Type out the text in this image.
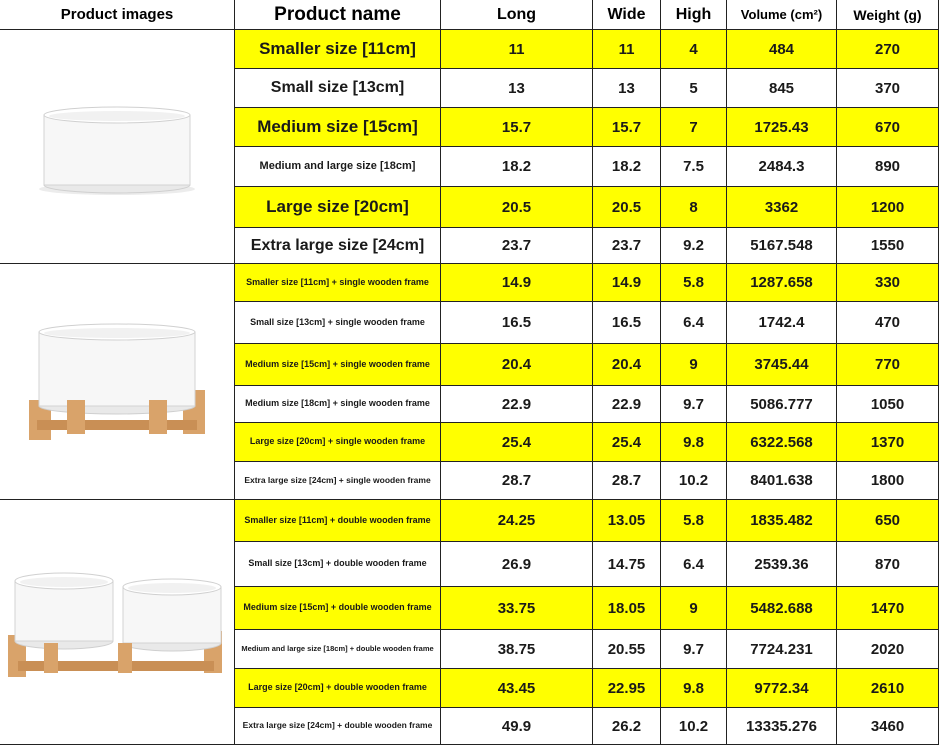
Product images	Product name	Long	Wide	High	Volume (cm²)	Weight (g)
Smaller size [11cm]	11	11	4	484	270
Small size [13cm]	13	13	5	845	370
Medium size [15cm]	15.7	15.7	7	1725.43	670
Medium and large size [18cm]	18.2	18.2	7.5	2484.3	890
Large size [20cm]	20.5	20.5	8	3362	1200
Extra large size [24cm]	23.7	23.7	9.2	5167.548	1550
Smaller size [11cm] + single wooden frame	14.9	14.9	5.8	1287.658	330
Small size [13cm] + single wooden frame	16.5	16.5	6.4	1742.4	470
Medium size [15cm] + single wooden frame	20.4	20.4	9	3745.44	770
Medium size [18cm] + single wooden frame	22.9	22.9	9.7	5086.777	1050
Large size [20cm] + single wooden frame	25.4	25.4	9.8	6322.568	1370
Extra large size [24cm] + single wooden frame	28.7	28.7	10.2	8401.638	1800
Smaller size [11cm] + double wooden frame	24.25	13.05	5.8	1835.482	650
Small size [13cm] + double wooden frame	26.9	14.75	6.4	2539.36	870
Medium size [15cm] + double wooden frame	33.75	18.05	9	5482.688	1470
Medium and large size [18cm] + double wooden frame	38.75	20.55	9.7	7724.231	2020
Large size [20cm] + double wooden frame	43.45	22.95	9.8	9772.34	2610
Extra large size [24cm] + double wooden frame	49.9	26.2	10.2	13335.276	3460
